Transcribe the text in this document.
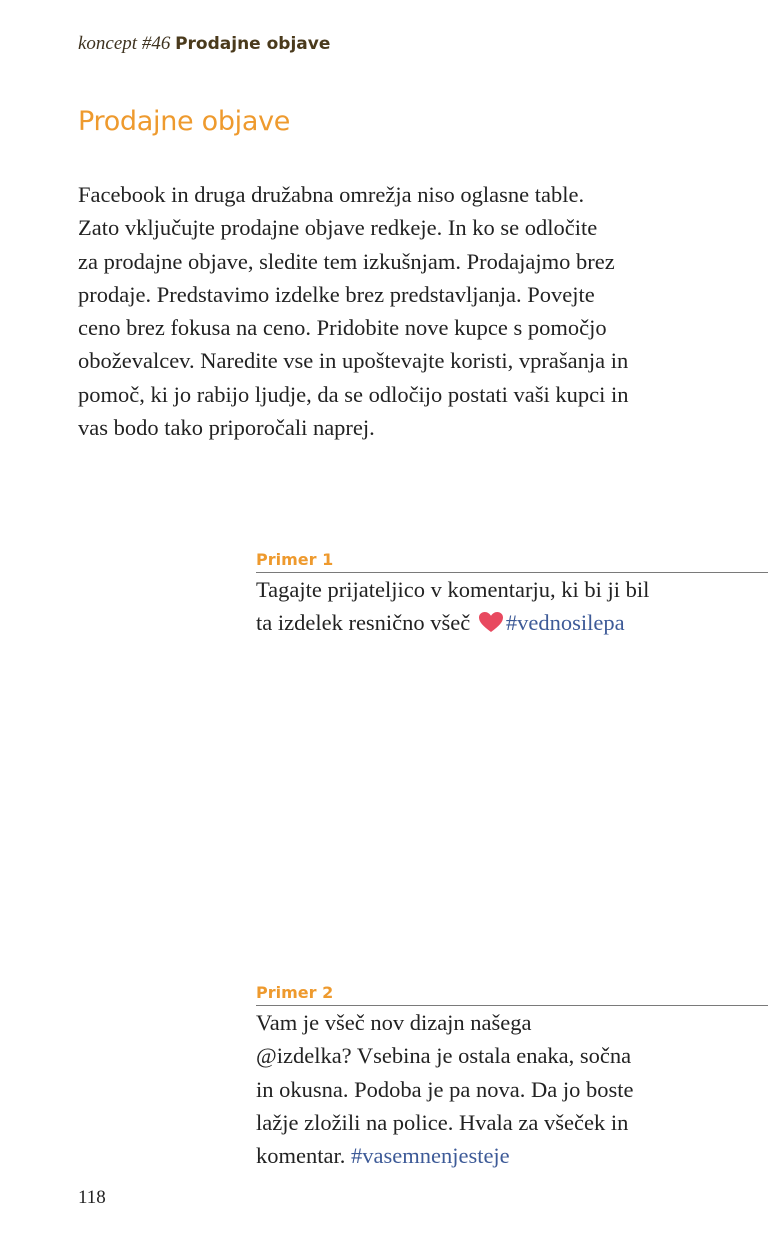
koncept #46 Prodajne objave
Prodajne objave
Facebook in druga družabna omrežja niso oglasne table.
Zato vključujte prodajne objave redkeje. In ko se odločite
za prodajne objave, sledite tem izkušnjam. Prodajajmo brez
prodaje. Predstavimo izdelke brez predstavljanja. Povejte
ceno brez fokusa na ceno. Pridobite nove kupce s pomočjo
oboževalcev. Naredite vse in upoštevajte koristi, vprašanja in
pomoč, ki jo rabijo ljudje, da se odločijo postati vaši kupci in
vas bodo tako priporočali naprej.
Primer 1
Tagajte prijateljico v komentarju, ki bi ji bil
ta izdelek resnično všeč #vednosilepa
Primer 2
Vam je všeč nov dizajn našega
@izdelka? Vsebina je ostala enaka, sočna
in okusna. Podoba je pa nova. Da jo boste
lažje zložili na police. Hvala za všeček in
komentar. #vasemnenjesteje
118
